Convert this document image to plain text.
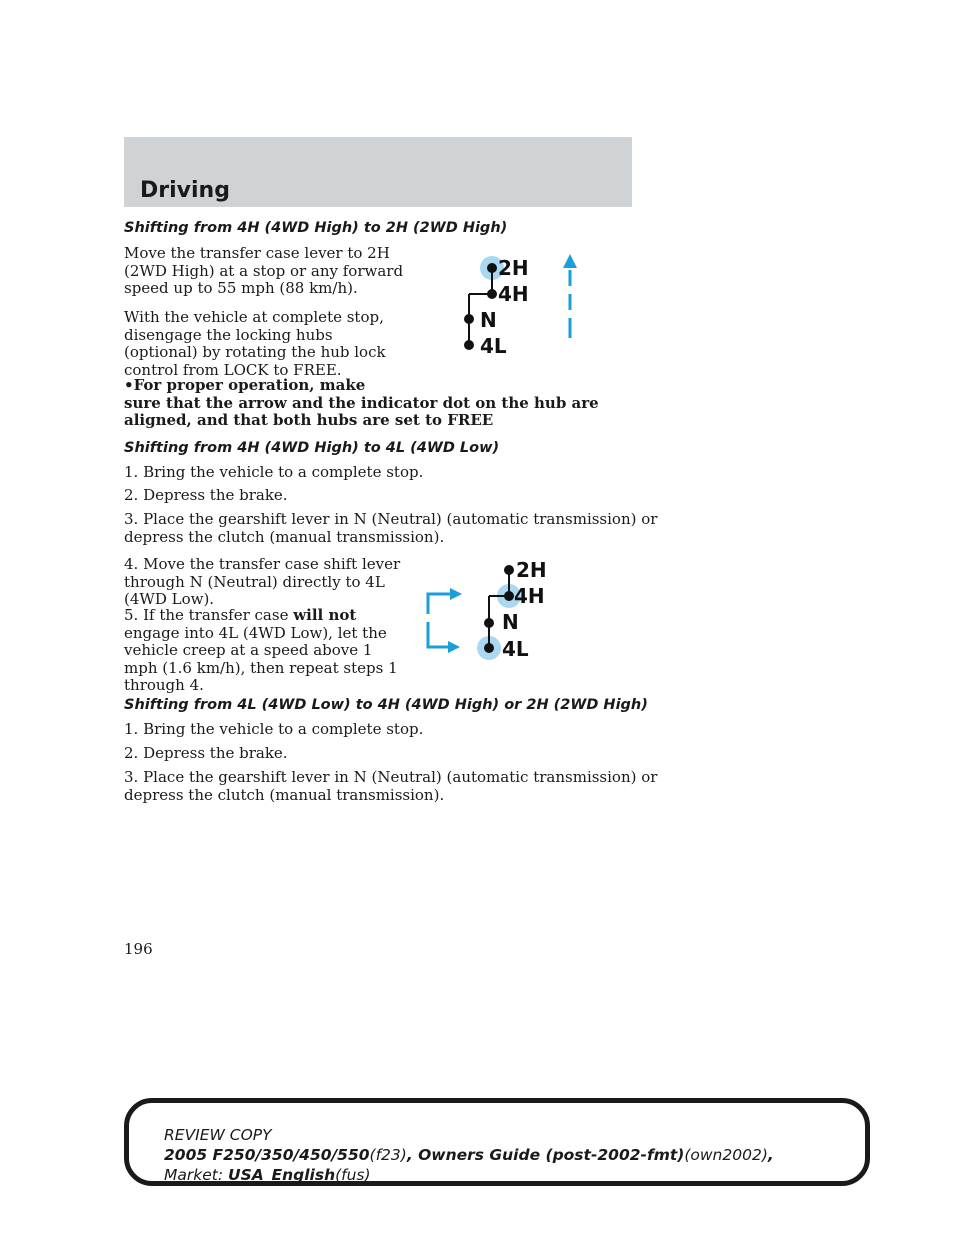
Driving
Shifting from 4H (4WD High) to 2H (2WD High)
Move the transfer case lever to 2H
(2WD High) at a stop or any forward
speed up to 55 mph (88 km/h).
With the vehicle at complete stop,
disengage the locking hubs
(optional) by rotating the hub lock
control from LOCK to FREE.
•For proper operation, make
sure that the arrow and the indicator dot on the hub are
aligned, and that both hubs are set to FREE
2H
4H
N
4L
Shifting from 4H (4WD High) to 4L (4WD Low)
1. Bring the vehicle to a complete stop.
2. Depress the brake.
3. Place the gearshift lever in N (Neutral) (automatic transmission) or
depress the clutch (manual transmission).
4. Move the transfer case shift lever
through N (Neutral) directly to 4L
(4WD Low).
5. If the transfer case will not
engage into 4L (4WD Low), let the
vehicle creep at a speed above 1
mph (1.6 km/h), then repeat steps 1
through 4.
2H
4H
N
4L
Shifting from 4L (4WD Low) to 4H (4WD High) or 2H (2WD High)
1. Bring the vehicle to a complete stop.
2. Depress the brake.
3. Place the gearshift lever in N (Neutral) (automatic transmission) or
depress the clutch (manual transmission).
196
REVIEW COPY
2005 F250/350/450/550(f23), Owners Guide (post-2002-fmt)(own2002),
Market: USA_English(fus)
